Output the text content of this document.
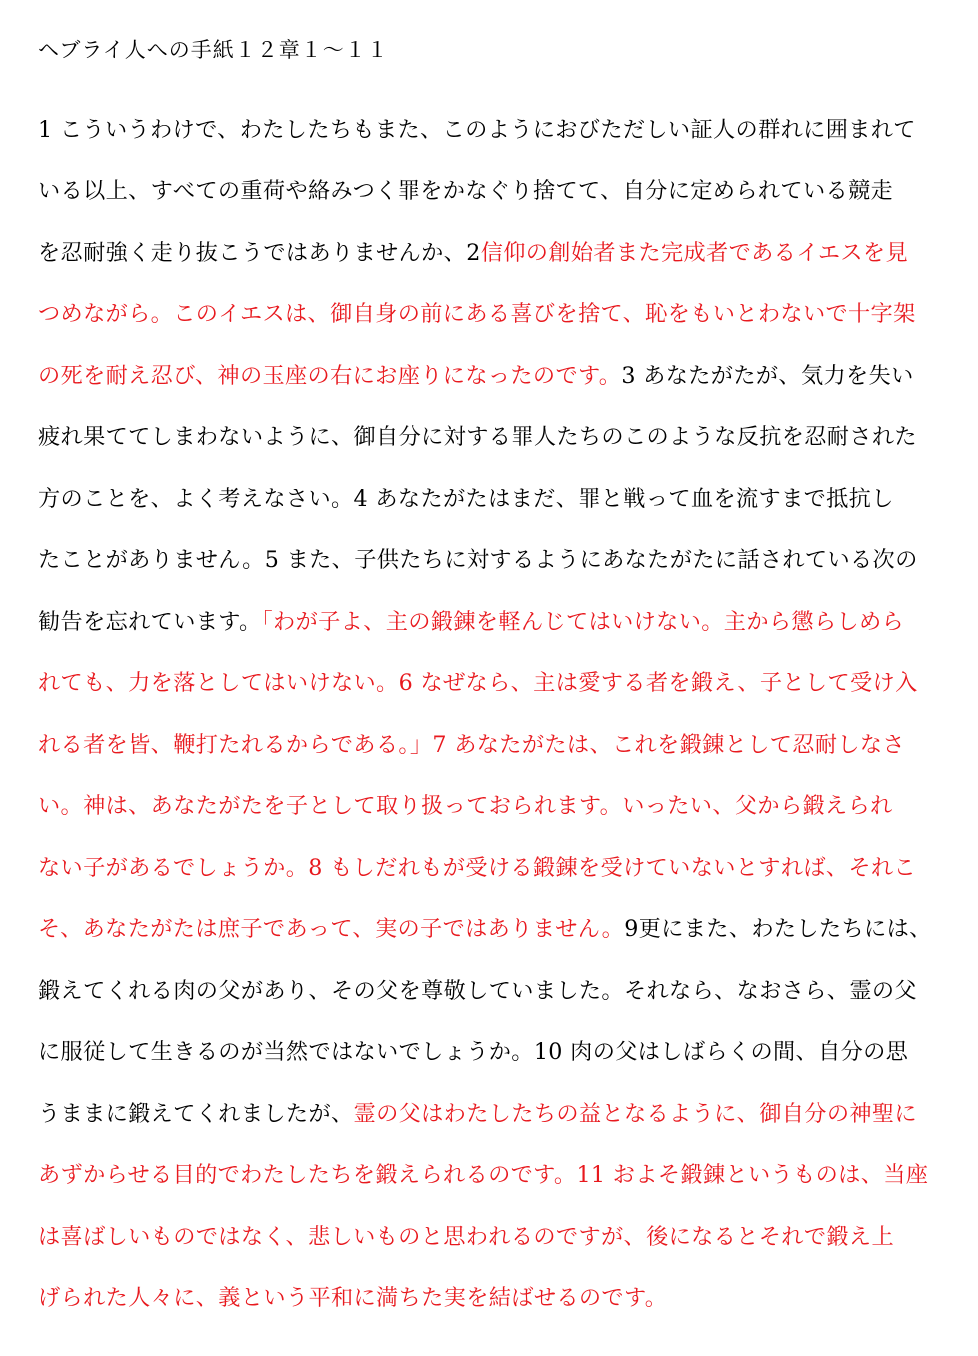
ヘブライ人への手紙１２章１〜１１
1 こういうわけで、わたしたちもまた、このようにおびただしい証人の群れに囲まれて
いる以上、すべての重荷や絡みつく罪をかなぐり捨てて、自分に定められている競走
を忍耐強く走り抜こうではありませんか、2信仰の創始者また完成者であるイエスを見
つめながら。このイエスは、御自身の前にある喜びを捨て、恥をもいとわないで十字架
の死を耐え忍び、神の玉座の右にお座りになったのです。3 あなたがたが、気力を失い
疲れ果ててしまわないように、御自分に対する罪人たちのこのような反抗を忍耐された
方のことを、よく考えなさい。4 あなたがたはまだ、罪と戦って血を流すまで抵抗し
たことがありません。5 また、子供たちに対するようにあなたがたに話されている次の
勧告を忘れています。「わが子よ、主の鍛錬を軽んじてはいけない。主から懲らしめら
れても、力を落としてはいけない。6 なぜなら、主は愛する者を鍛え、子として受け入
れる者を皆、鞭打たれるからである。」7 あなたがたは、これを鍛錬として忍耐しなさ
い。神は、あなたがたを子として取り扱っておられます。いったい、父から鍛えられ
ない子があるでしょうか。8 もしだれもが受ける鍛錬を受けていないとすれば、それこ
そ、あなたがたは庶子であって、実の子ではありません。9更にまた、わたしたちには、
鍛えてくれる肉の父があり、その父を尊敬していました。それなら、なおさら、霊の父
に服従して生きるのが当然ではないでしょうか。10 肉の父はしばらくの間、自分の思
うままに鍛えてくれましたが、霊の父はわたしたちの益となるように、御自分の神聖に
あずからせる目的でわたしたちを鍛えられるのです。11 およそ鍛錬というものは、当座
は喜ばしいものではなく、悲しいものと思われるのですが、後になるとそれで鍛え上
げられた人々に、義という平和に満ちた実を結ばせるのです。
